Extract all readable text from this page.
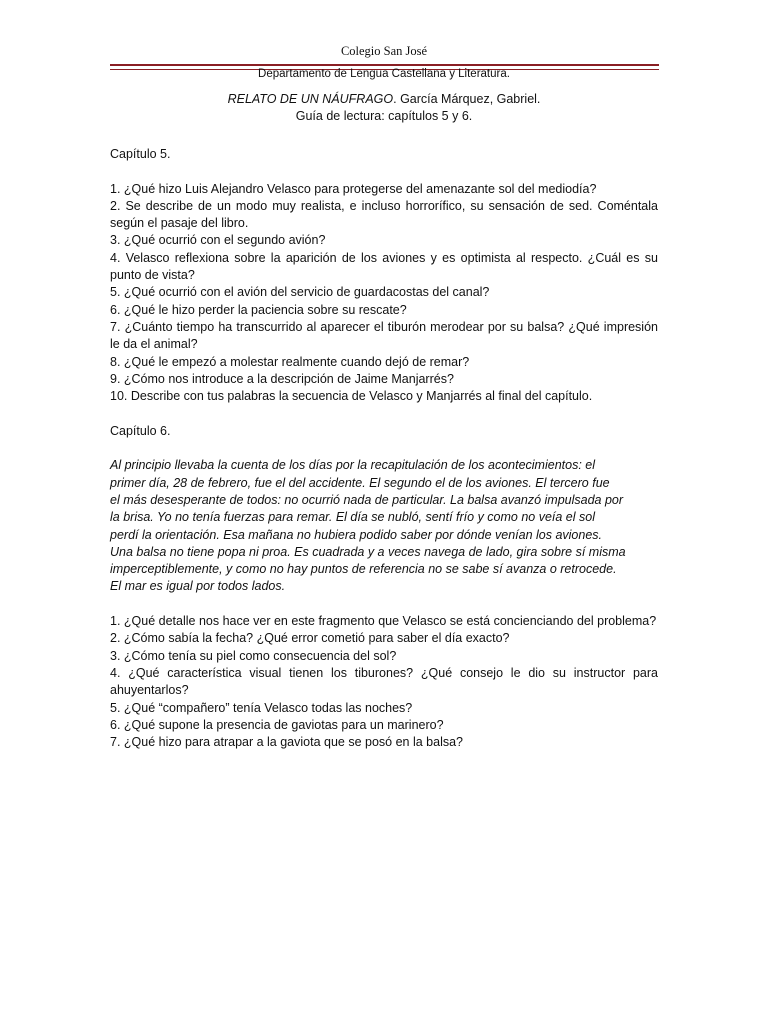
Colegio San José
Departamento de Lengua Castellana y Literatura.
RELATO DE UN NÁUFRAGO. García Márquez, Gabriel.
Guía de lectura: capítulos 5 y 6.

Capítulo 5.

1. ¿Qué hizo Luis Alejandro Velasco para protegerse del amenazante sol del mediodía?

2. Se describe de un modo muy realista, e incluso horrorífico, su sensación de sed. Coméntala según el pasaje del libro.

3. ¿Qué ocurrió con el segundo avión?

4. Velasco reflexiona sobre la aparición de los aviones y es optimista al respecto. ¿Cuál es su punto de vista?

5. ¿Qué ocurrió con el avión del servicio de guardacostas del canal?

6. ¿Qué le hizo perder la paciencia sobre su rescate?

7. ¿Cuánto tiempo ha transcurrido al aparecer el tiburón merodear por su balsa? ¿Qué impresión le da el animal?

8. ¿Qué le empezó a molestar realmente cuando dejó de remar?

9. ¿Cómo nos introduce a la descripción de Jaime Manjarrés?

10. Describe con tus palabras la secuencia de Velasco y Manjarrés al final del capítulo.

Capítulo 6.

Al principio llevaba la cuenta de los días por la recapitulación de los acontecimientos: el

primer día, 28 de febrero, fue el del accidente. El segundo el de los aviones. El tercero fue

el más desesperante de todos: no ocurrió nada de particular. La balsa avanzó impulsada por

la brisa. Yo no tenía fuerzas para remar. El día se nubló, sentí frío y como no veía el sol

perdí la orientación. Esa mañana no hubiera podido saber por dónde venían los aviones.

Una balsa no tiene popa ni proa. Es cuadrada y a veces navega de lado, gira sobre sí misma

imperceptiblemente, y como no hay puntos de referencia no se sabe sí avanza o retrocede.

El mar es igual por todos lados.

1. ¿Qué detalle nos hace ver en este fragmento que Velasco se está concienciando del problema?

2. ¿Cómo sabía la fecha? ¿Qué error cometió para saber el día exacto?

3. ¿Cómo tenía su piel como consecuencia del sol?

4. ¿Qué característica visual tienen los tiburones? ¿Qué consejo le dio su instructor para ahuyentarlos?

5. ¿Qué “compañero” tenía Velasco todas las noches?

6. ¿Qué supone la presencia de gaviotas para un marinero?

7. ¿Qué hizo para atrapar a la gaviota que se posó en la balsa?
